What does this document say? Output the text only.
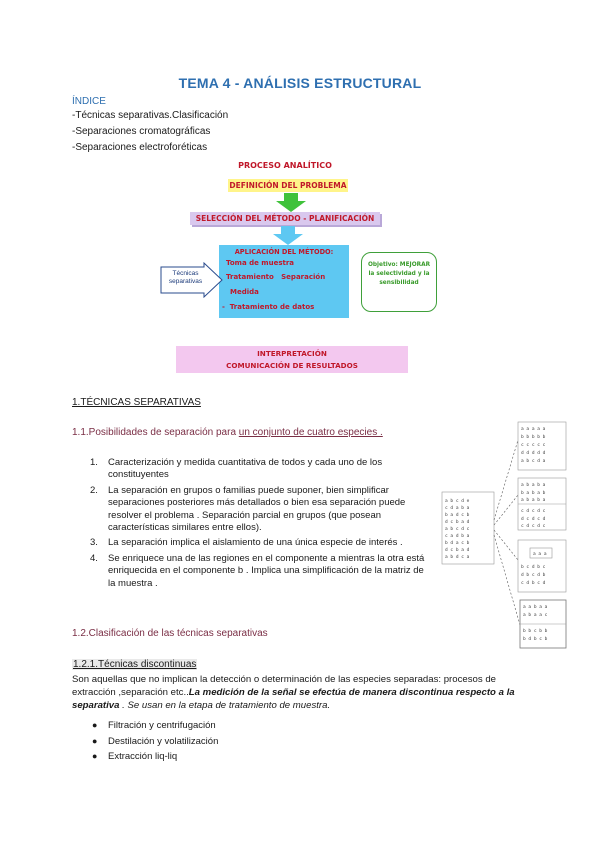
TEMA 4 - ANÁLISIS ESTRUCTURAL
ÍNDICE
-Técnicas separativas.Clasificación
-Separaciones cromatográficas
-Separaciones electroforéticas
PROCESO ANALÍTICO
DEFINICIÓN DEL PROBLEMA
SELECCIÓN DEL MÉTODO - PLANIFICACIÓN
APLICACIÓN DEL MÉTODO:
Toma de muestra
Tratamiento   Separación
Medida
-  Tratamiento de datos
Técnicas separativas
Objetivo: MEJORAR la selectividad y la sensibilidad
INTERPRETACIÓN
COMUNICACIÓN DE RESULTADOS
1.TÉCNICAS SEPARATIVAS
1.1.Posibilidades de separación para un conjunto de cuatro especies .
1. Caracterización y medida cuantitativa de todos y cada uno de los constituyentes
2. La separación en grupos o familias puede suponer, bien simplificar separaciones posteriores más detallados o bien esa separación puede resolver el problema . Separación parcial en grupos (que posean características similares entre ellos).
3. La separación implica el aislamiento de una única especie de interés .
4. Se enriquece una de las regiones en el componente a mientras la otra está enriquecida en el componente b . Implica una simplificación de la matriz de la muestra .
a b c d e
c d a b a
b a d c b
d c b a d
a b c d c
c a d b a
b d a c b
d c b a d
a b d c a
a a a a a
b b b b b
c c c c c
d d d d d
a b c d a
a b a b a
b a b a b
a b a b a
c d c d c
d c d c d
c d c d c
a a a
b c d b c
d b c d b
c d b c d
a a b a a
a b a a c
b b c b b
b d b c b
1.2.Clasificación de las técnicas separativas
1.2.1.Técnicas discontinuas
Son aquellas que no implican la detección o determinación de las especies separadas: procesos de extracción ,separación etc..La medición de la señal se efectúa de manera discontinua respecto a la separativa . Se usan en la etapa de tratamiento de muestra.
● Filtración y centrifugación
● Destilación y volatilización
● Extracción liq-liq
